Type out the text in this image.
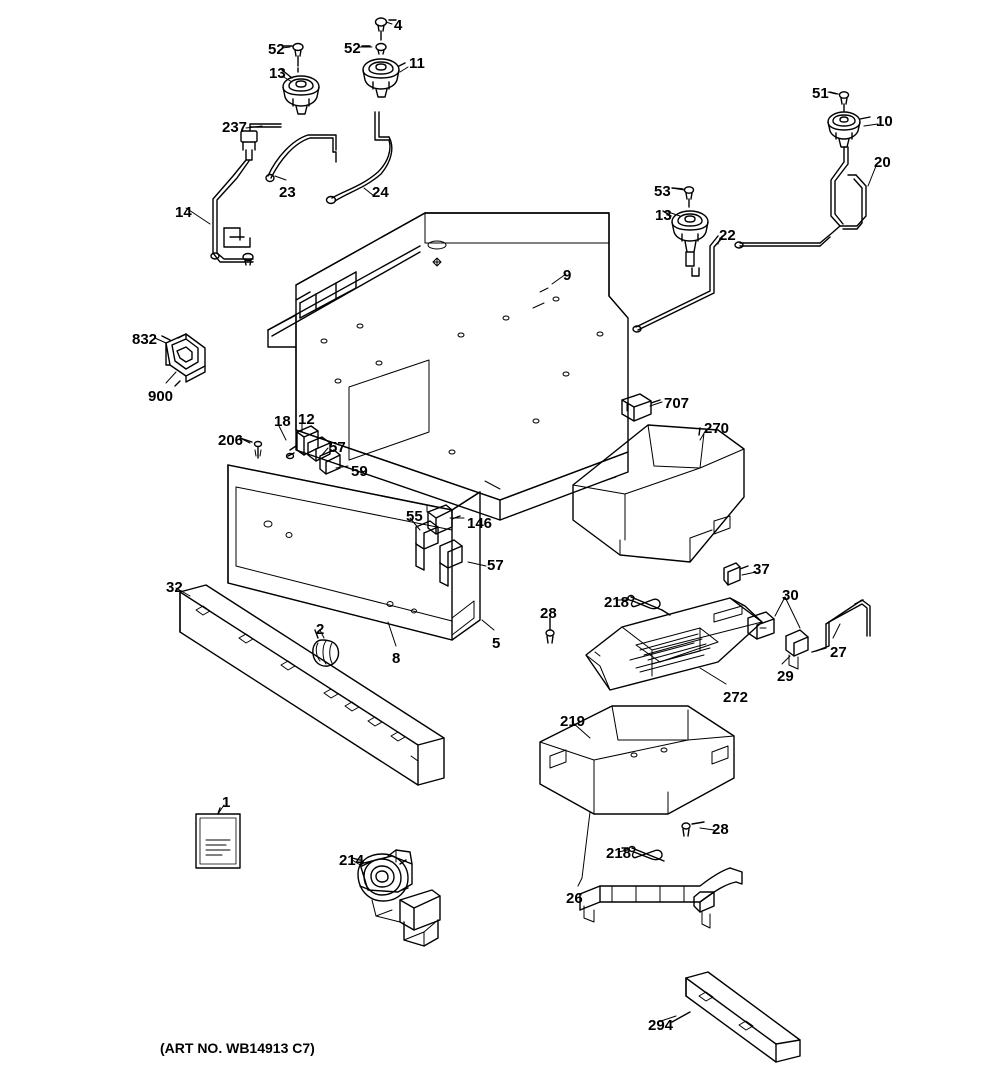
4
52	52
11
13
51
10
237
20
23	24	53
14	13
22
9
832
900	707
270
18 12
206	57
59
55	146
57	37
32	30
218
28
5
27
2
8
29
272
219
1
28
218
214
26
294
(ART NO. WB14913 C7)
